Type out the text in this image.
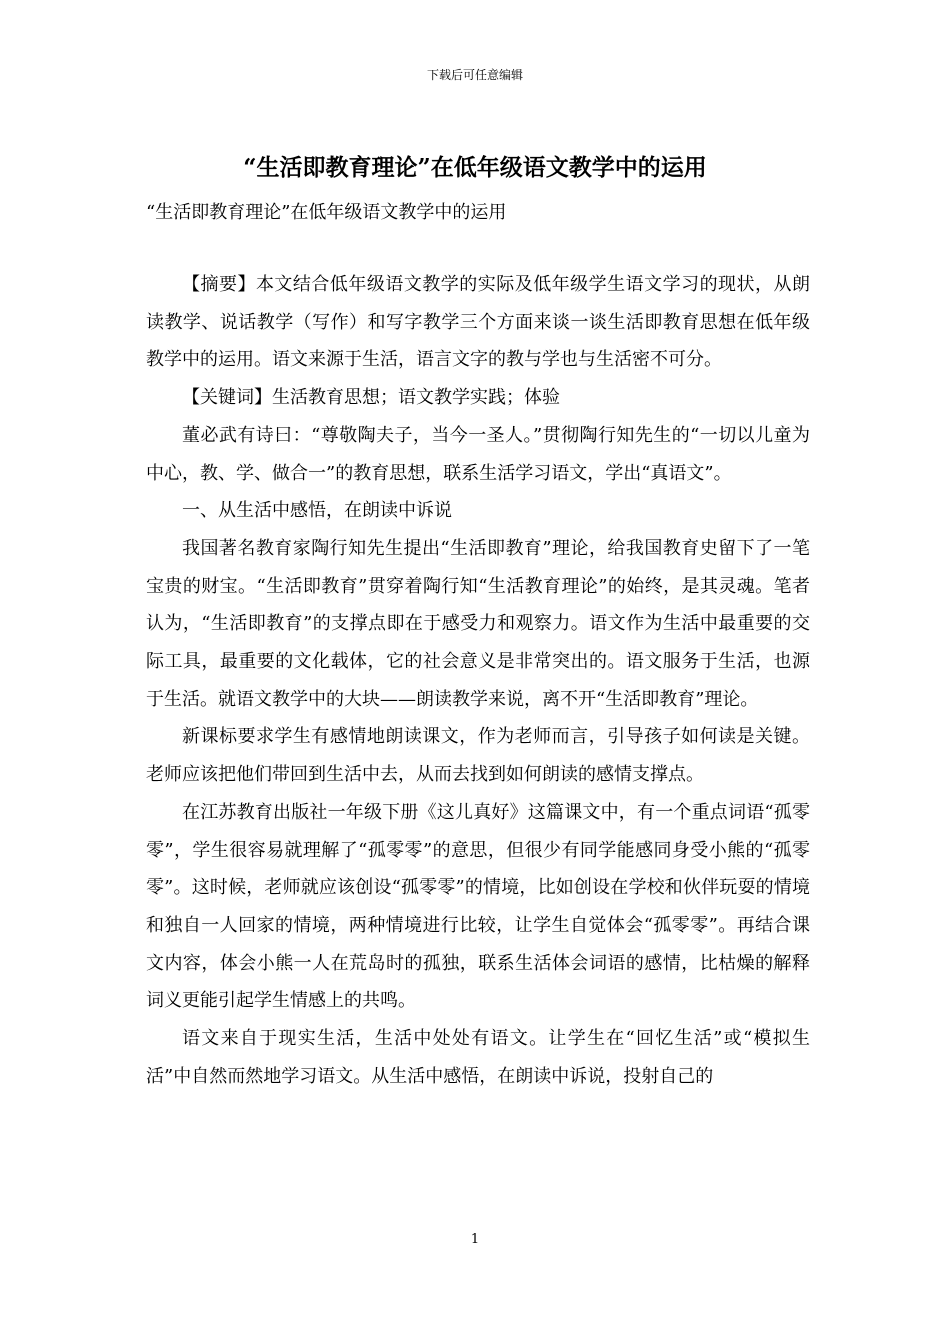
下载后可任意编辑
“生活即教育理论”在低年级语文教学中的运用
“生活即教育理论”在低年级语文教学中的运用

【摘要】本文结合低年级语文教学的实际及低年级学生语文学习的现状，从朗读教学、说话教学（写作）和写字教学三个方面来谈一谈生活即教育思想在低年级教学中的运用。语文来源于生活，语言文字的教与学也与生活密不可分。

【关键词】生活教育思想；语文教学实践；体验

董必武有诗曰：“尊敬陶夫子，当今一圣人。”贯彻陶行知先生的“一切以儿童为中心，教、学、做合一”的教育思想，联系生活学习语文，学出“真语文”。

一、从生活中感悟，在朗读中诉说

我国著名教育家陶行知先生提出“生活即教育”理论，给我国教育史留下了一笔宝贵的财宝。“生活即教育”贯穿着陶行知“生活教育理论”的始终，是其灵魂。笔者认为，“生活即教育”的支撑点即在于感受力和观察力。语文作为生活中最重要的交际工具，最重要的文化载体，它的社会意义是非常突出的。语文服务于生活，也源于生活。就语文教学中的大块——朗读教学来说，离不开“生活即教育”理论。

新课标要求学生有感情地朗读课文，作为老师而言，引导孩子如何读是关键。老师应该把他们带回到生活中去，从而去找到如何朗读的感情支撑点。

在江苏教育出版社一年级下册《这儿真好》这篇课文中，有一个重点词语“孤零零”，学生很容易就理解了“孤零零”的意思，但很少有同学能感同身受小熊的“孤零零”。这时候，老师就应该创设“孤零零”的情境，比如创设在学校和伙伴玩耍的情境和独自一人回家的情境，两种情境进行比较，让学生自觉体会“孤零零”。再结合课文内容，体会小熊一人在荒岛时的孤独，联系生活体会词语的感情，比枯燥的解释词义更能引起学生情感上的共鸣。

语文来自于现实生活，生活中处处有语文。让学生在“回忆生活”或“模拟生活”中自然而然地学习语文。从生活中感悟，在朗读中诉说，投射自己的

1
